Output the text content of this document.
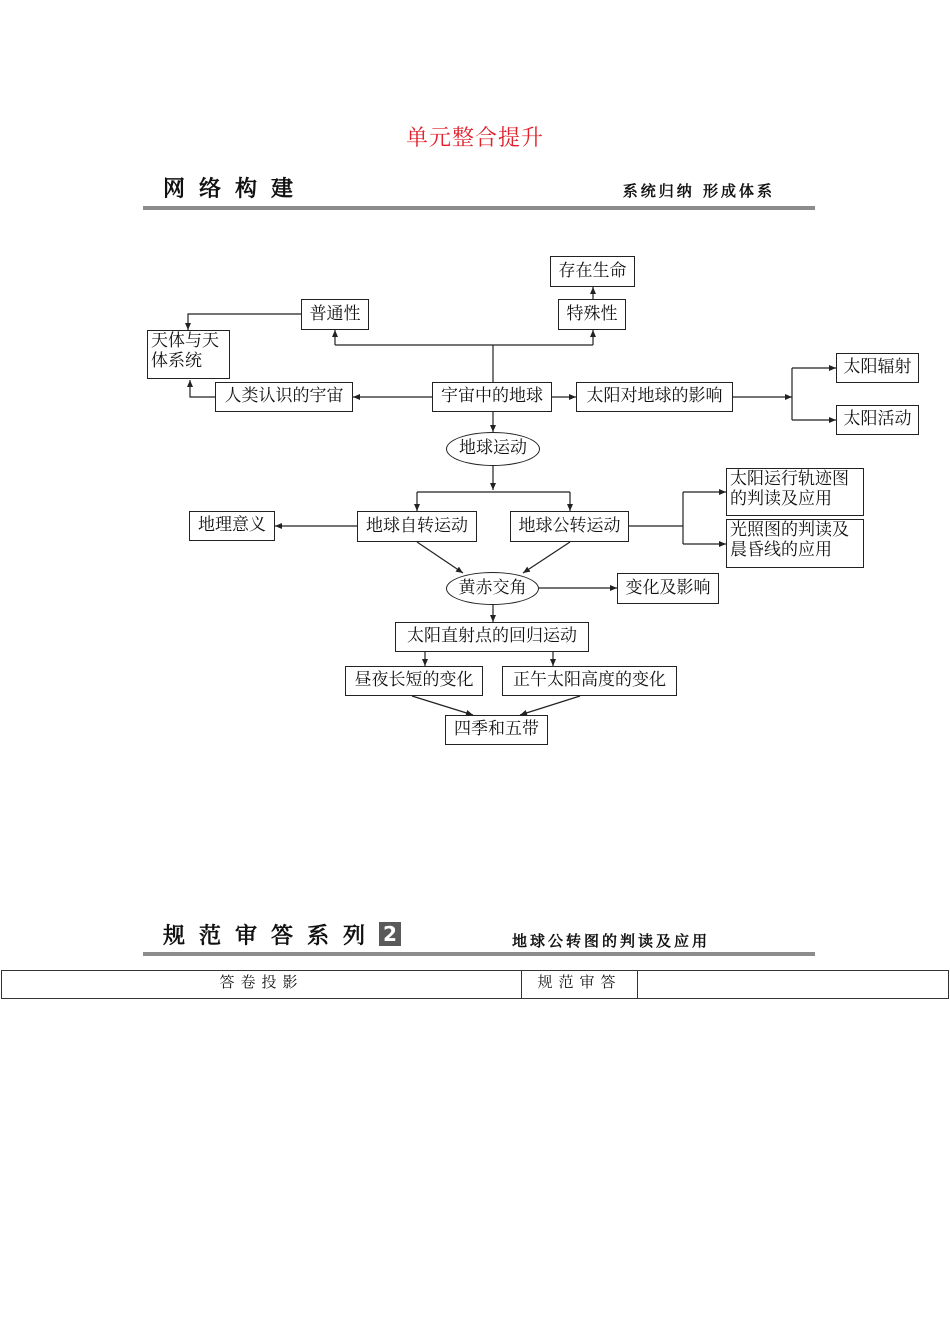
单元整合提升
网络构建	系统归纳 形成体系
存在生命
普通性	特殊性
天体与天体系统
人类认识的宇宙	宇宙中的地球	太阳对地球的影响
太阳辐射
太阳活动
地球运动
地理意义	地球自转运动	地球公转运动
太阳运行轨迹图的判读及应用
光照图的判读及晨昏线的应用
黄赤交角	变化及影响
太阳直射点的回归运动
昼夜长短的变化	正午太阳高度的变化
四季和五带
规范审答系列 2	地球公转图的判读及应用
答卷投影	规范审答	
